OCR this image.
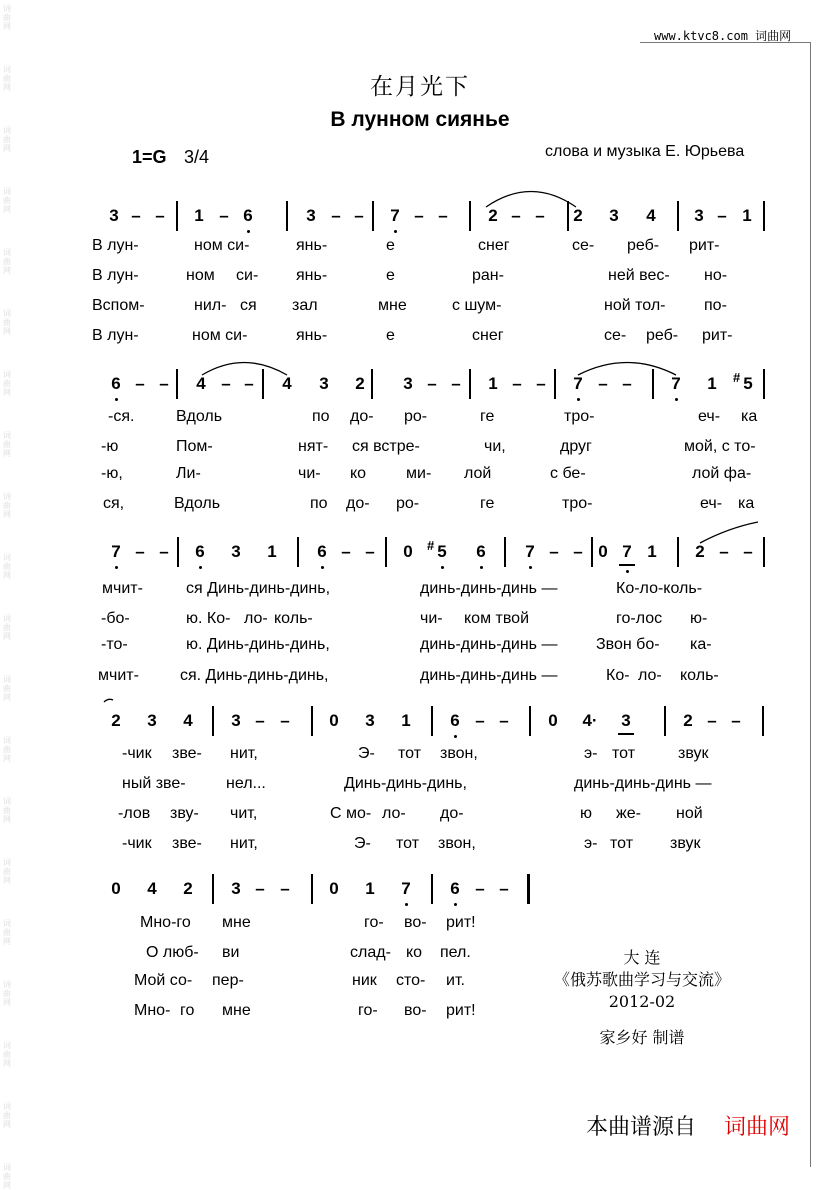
词曲网
词曲网
词曲网
词曲网
词曲网
词曲网
词曲网
词曲网
词曲网
词曲网
词曲网
词曲网
词曲网
词曲网
词曲网
词曲网
词曲网
词曲网
词曲网
词曲网
www.ktvc8.com 词曲网
在月光下
В лунном сиянье
1=G 3/4	слова и музыка Е. Юрьева
3 – –	1 – 6	3 – –	7 – –	2 – –	2	3	4	3 – 1
В лун-	ном си-	янь-	е	снег	се- реб- рит-
В лун-	ном си- янь-	е	ран-	ней вес- но-
Вспом-	нил- ся зал	мне	с шум-	ной тол- по-
В лун-	ном си-	янь-	е	снег	се- реб- рит-
6 – –	4 – –	4	3	2	3 – –	1 – –	7 – –	7	1	5
#
-ся.	Вдоль	по до- ро-	ге	тро-	еч- ка
-ю	Пом-	нят- ся встре-	чи,	друг	мой, с то-
-ю,	Ли-	чи- ко ми- лой	с бе-	лой фа-
ся,	Вдоль	по до- ро-	ге	тро-	еч- ка
7 – –	6	3	1	6 – –	0	5
#	6	7 – – 0 7 1	2 – –
мчит-	ся Динь-динь-динь,	динь-динь-динь —	Ко-ло-коль-
-бо-	ю. Ко- ло- коль-	чи- ком твой	го-лос ю-
-то-	ю. Динь-динь-динь,	динь-динь-динь — Звон бо- ка-
мчит-	ся. Динь-динь-динь,	динь-динь-динь —	Ко- ло- коль-
2	3	4	3 – –	0	3	1	6 – –	0	4·	3	2 – –
-чик зве- нит,	Э- тот звон,	э- тот	звук
ный зве-	нел...	Динь-динь-динь,	динь-динь-динь —
-лов зву- чит,	С мо- ло- до-	ю же- ной
-чик зве- нит,	Э- тот звон,	э- тот звук
0	4	2	3 – –	0	1	7	6 – –
Мно-го мне	го- во- рит!
О люб- ви	слад- ко пел.
Мой со- пер-	ник сто- ит.
Мно- го мне	го- во- рит!
大 连
《俄苏歌曲学习与交流》
2012-02
家乡好 制谱
本曲谱源自 词曲网
